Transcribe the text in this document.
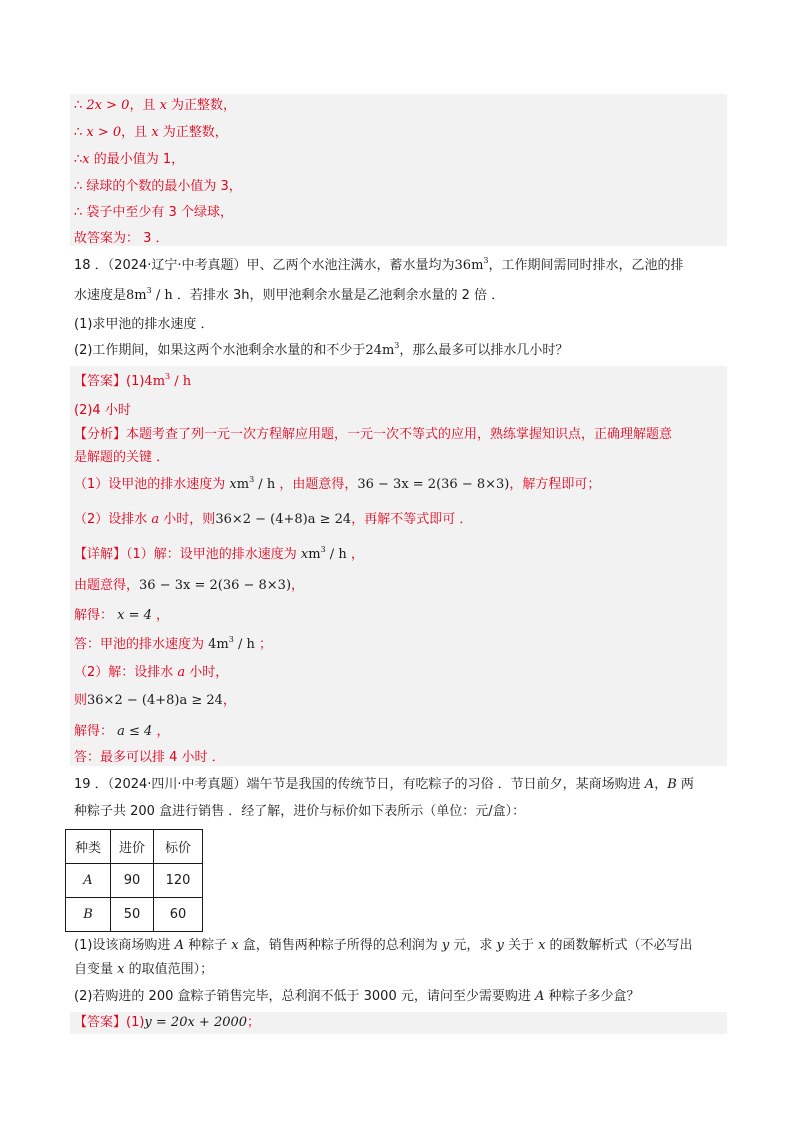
∴ 2x > 0，且 x 为正整数，
∴ x > 0，且 x 为正整数，
∴x 的最小值为 1，
∴ 绿球的个数的最小值为 3，
∴ 袋子中至少有 3 个绿球，
故答案为： 3 ．
18 ．（2024·辽宁·中考真题）甲、乙两个水池注满水，蓄水量均为$36m^3$，工作期间需同时排水，乙池的排
水速度是$8m^3$ / h ．若排水 3h，则甲池剩余水量是乙池剩余水量的 2 倍 ．
(1)求甲池的排水速度 ．
(2)工作期间，如果这两个水池剩余水量的和不少于$24m^3$，那么最多可以排水几小时？
【答案】$(1)4m^3$ / h
(2)4 小时
【分析】本题考查了列一元一次方程解应用题，一元一次不等式的应用，熟练掌握知识点，正确理解题意
是解题的关键 ．
（1）设甲池的排水速度为 $xm^3$ / h ，由题意得，36 − 3x = 2(36 − 8×3)，解方程即可；
（2）设排水 a 小时，则36×2 − (4+8)a ≥ 24，再解不等式即可 ．
【详解】（1）解：设甲池的排水速度为 $xm^3$ / h ，
由题意得，36 − 3x = 2(36 − 8×3)，
解得： x = 4 ，
答：甲池的排水速度为 $4m^3$ / h ；
（2）解：设排水 a 小时，
则36×2 − (4+8)a ≥ 24，
解得： a ≤ 4 ，
答：最多可以排 4 小时 ．
19 ．（2024·四川·中考真题）端午节是我国的传统节日，有吃粽子的习俗 ．节日前夕，某商场购进 A，B 两
种粽子共 200 盒进行销售 ．经了解，进价与标价如下表所示（单位：元/盒）：
种类	进价	标价
A	90	120
B	50	60
(1)设该商场购进 A 种粽子 x 盒，销售两种粽子所得的总利润为 y 元，求 y 关于 x 的函数解析式（不必写出
自变量 x 的取值范围）；
(2)若购进的 200 盒粽子销售完毕，总利润不低于 3000 元，请问至少需要购进 A 种粽子多少盒？
【答案】(1)y = 20x + 2000；
